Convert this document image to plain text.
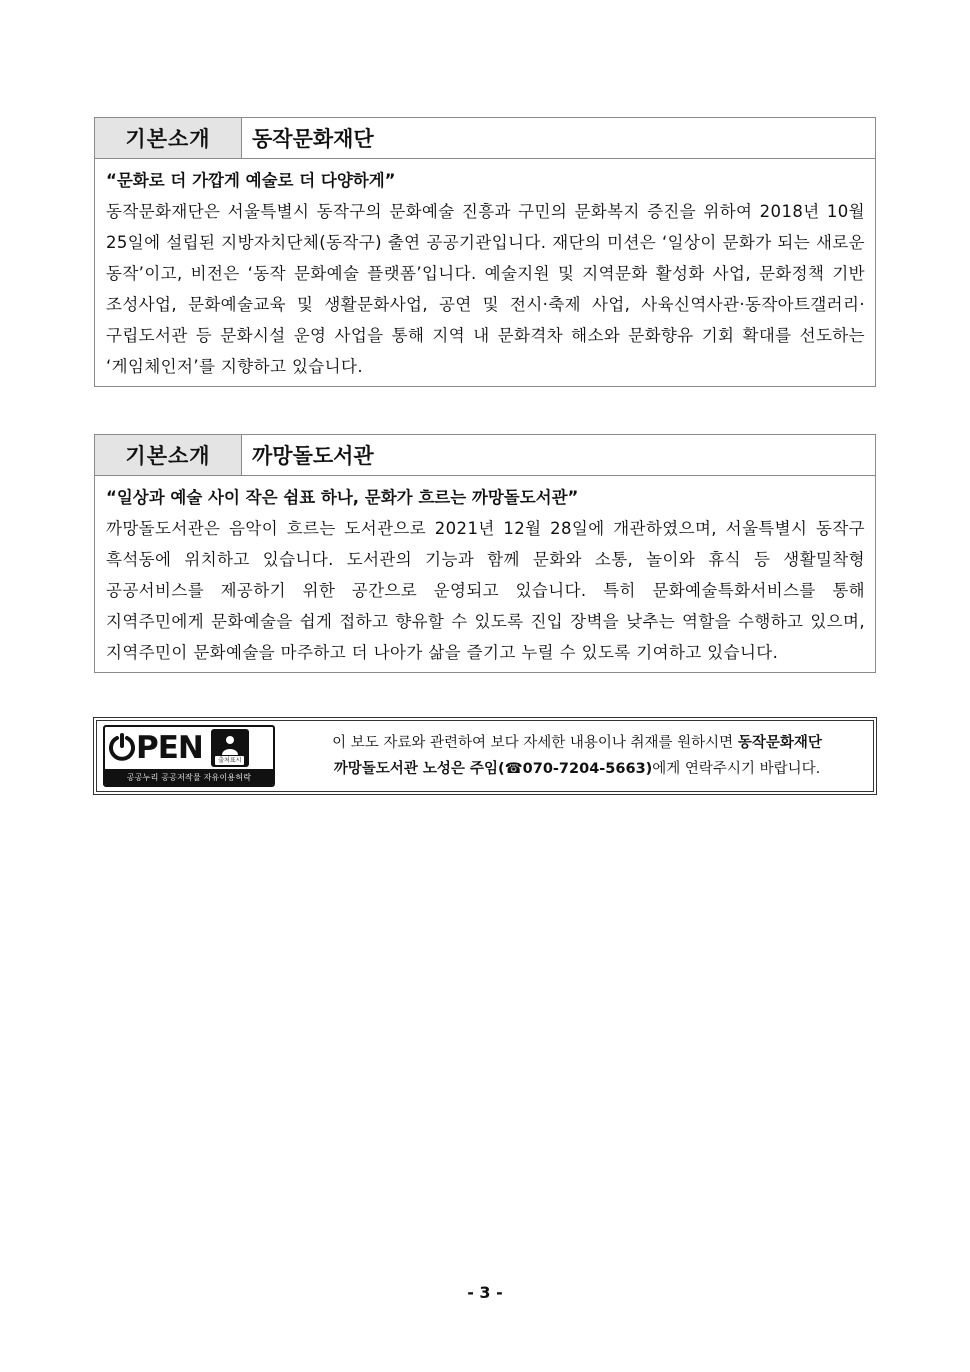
기본소개	동작문화재단
“문화로 더 가깝게 예술로 더 다양하게”
동작문화재단은 서울특별시 동작구의 문화예술 진흥과 구민의 문화복지 증진을 위하여 2018년 10월 25일에 설립된 지방자치단체(동작구) 출연 공공기관입니다. 재단의 미션은 ‘일상이 문화가 되는 새로운 동작’이고, 비전은 ‘동작 문화예술 플랫폼’입니다. 예술지원 및 지역문화 활성화 사업, 문화정책 기반 조성사업, 문화예술교육 및 생활문화사업, 공연 및 전시·축제 사업, 사육신역사관·동작아트갤러리·구립도서관 등 문화시설 운영 사업을 통해 지역 내 문화격차 해소와 문화향유 기회 확대를 선도하는 ‘게임체인저’를 지향하고 있습니다.
기본소개	까망돌도서관
“일상과 예술 사이 작은 쉼표 하나, 문화가 흐르는 까망돌도서관”
까망돌도서관은 음악이 흐르는 도서관으로 2021년 12월 28일에 개관하였으며, 서울특별시 동작구 흑석동에 위치하고 있습니다. 도서관의 기능과 함께 문화와 소통, 놀이와 휴식 등 생활밀착형 공공서비스를 제공하기 위한 공간으로 운영되고 있습니다. 특히 문화예술특화서비스를 통해 지역주민에게 문화예술을 쉽게 접하고 향유할 수 있도록 진입 장벽을 낮추는 역할을 수행하고 있으며, 지역주민이 문화예술을 마주하고 더 나아가 삶을 즐기고 누릴 수 있도록 기여하고 있습니다.
PEN	출처표시
공공누리 공공저작물 자유이용허락
이 보도 자료와 관련하여 보다 자세한 내용이나 취재를 원하시면 동작문화재단
까망돌도서관 노성은 주임(☎070-7204-5663)에게 연락주시기 바랍니다.
- 3 -
